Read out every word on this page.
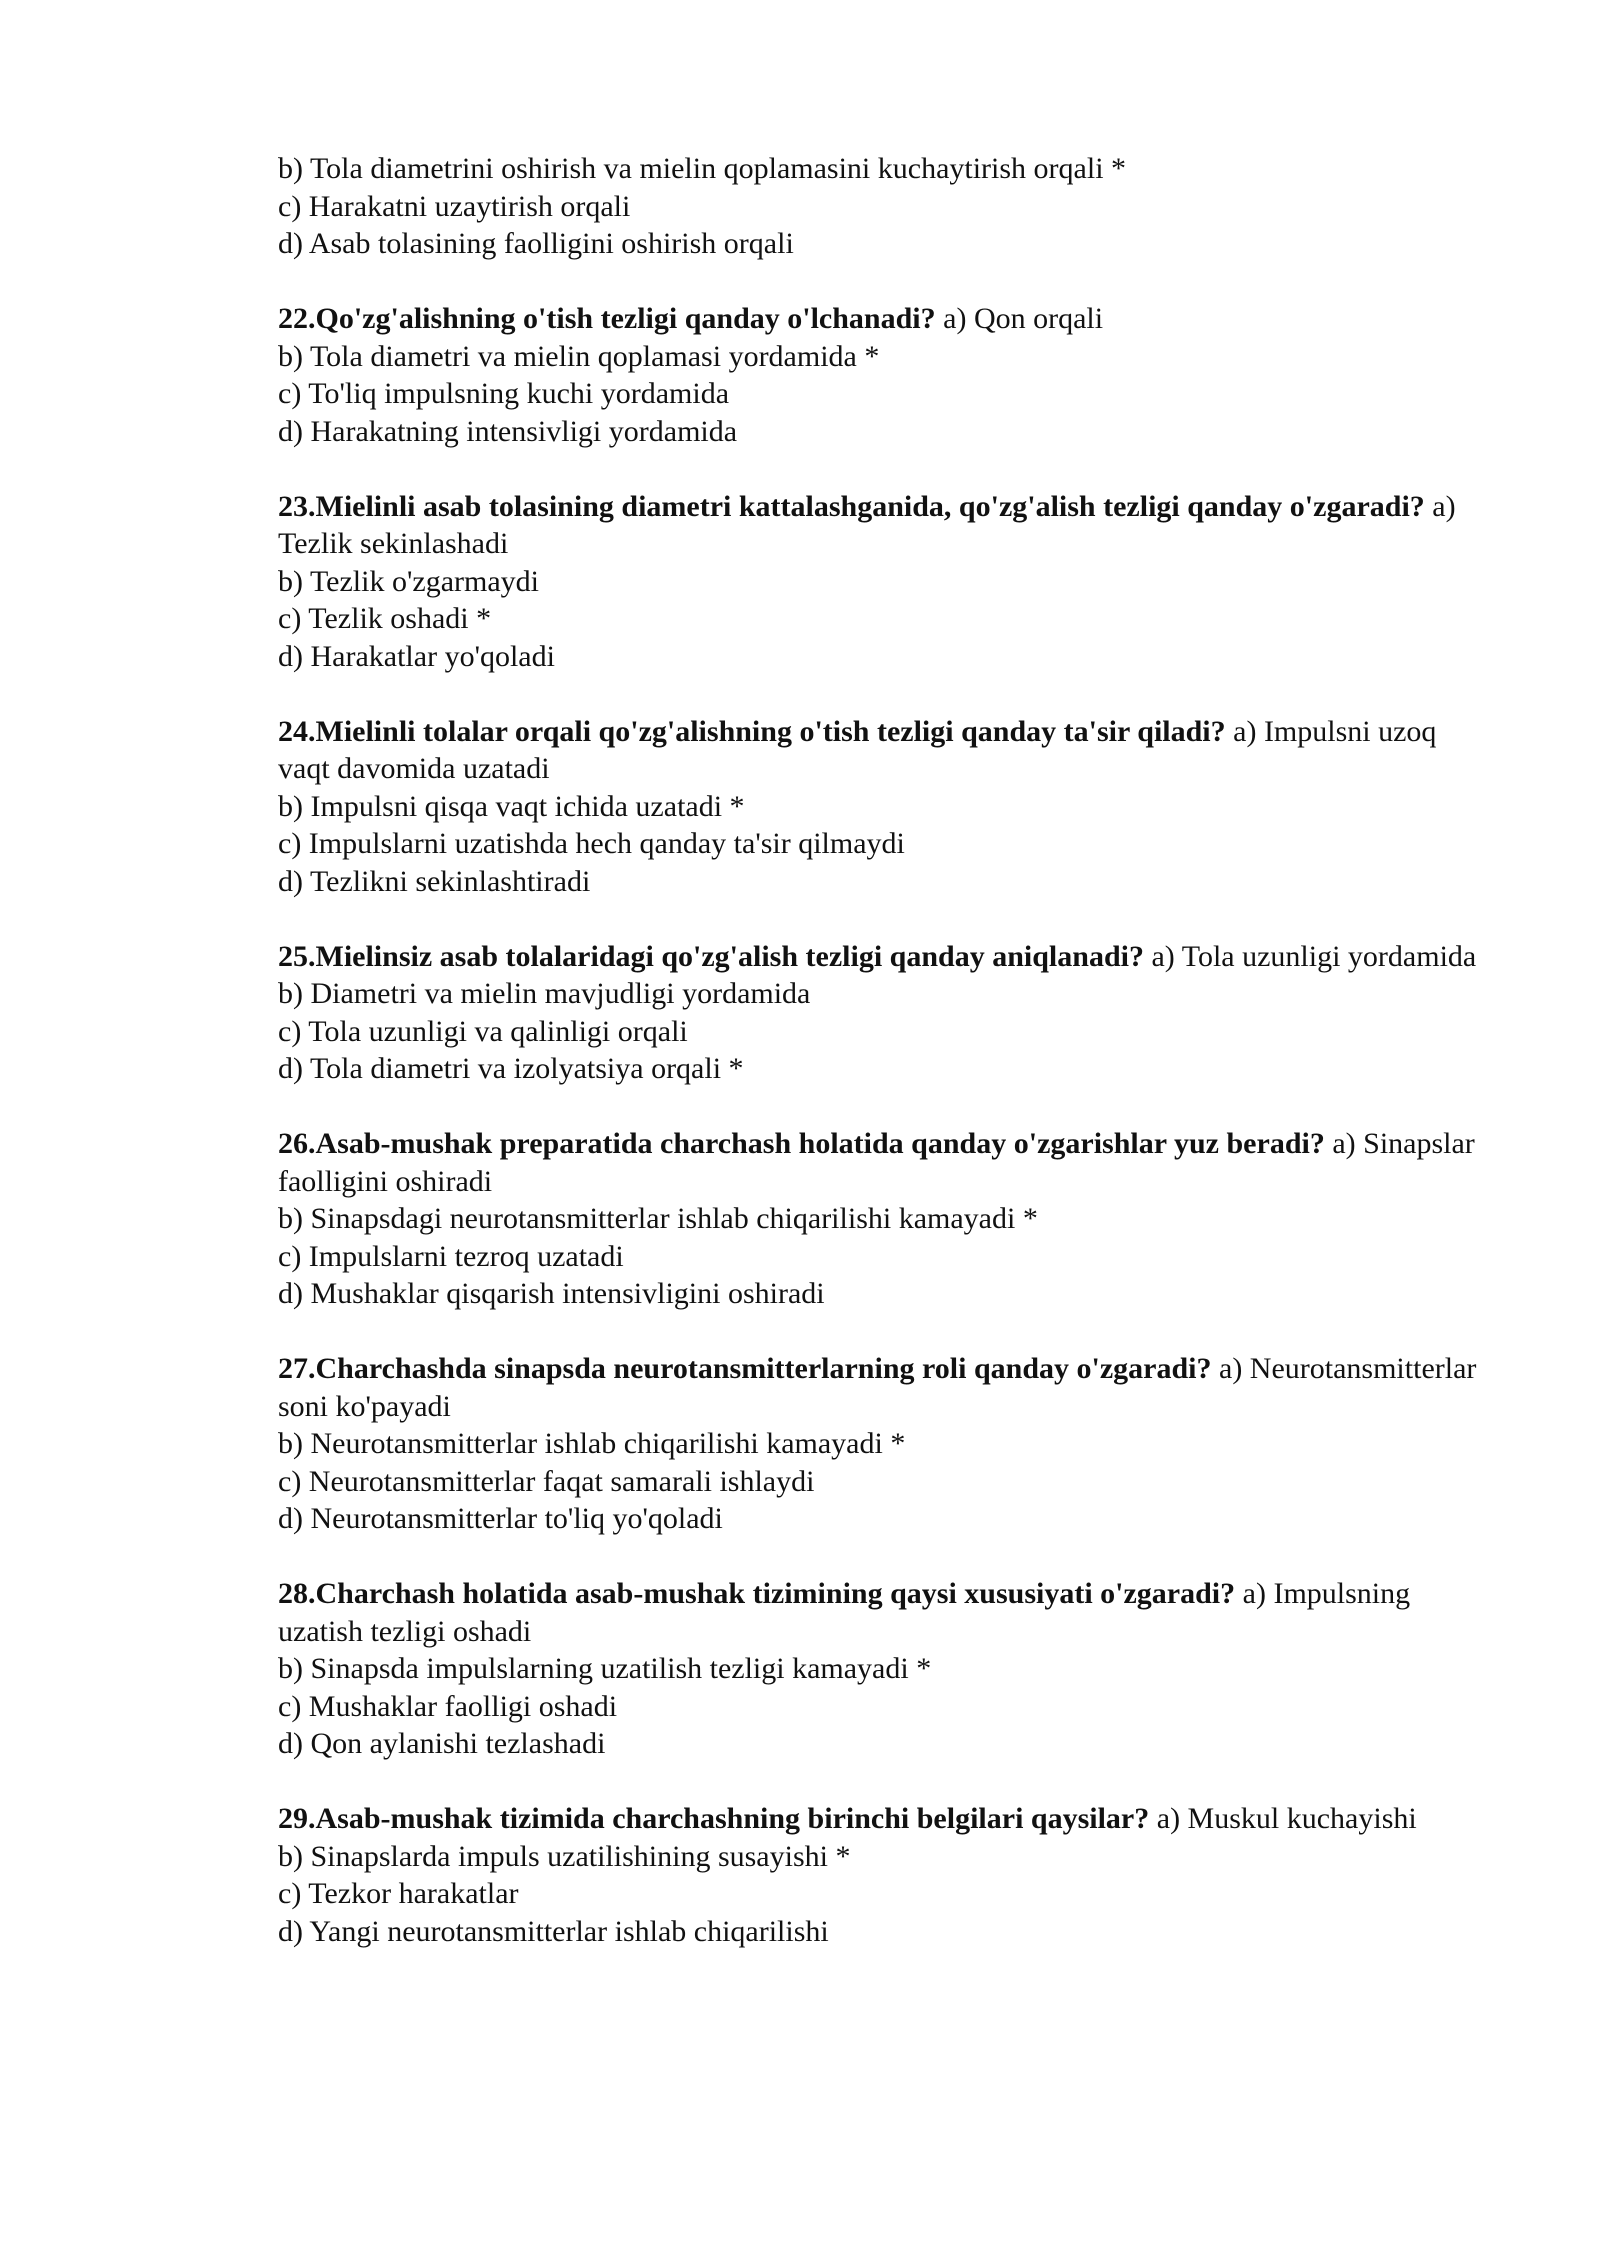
b) Tola diametrini oshirish va mielin qoplamasini kuchaytirish orqali *
c) Harakatni uzaytirish orqali
d) Asab tolasining faolligini oshirish orqali
22.Qo'zg'alishning o'tish tezligi qanday o'lchanadi? a) Qon orqali
b) Tola diametri va mielin qoplamasi yordamida *
c) To'liq impulsning kuchi yordamida
d) Harakatning intensivligi yordamida
23.Mielinli asab tolasining diametri kattalashganida, qo'zg'alish tezligi qanday o'zgaradi? a) Tezlik sekinlashadi
b) Tezlik o'zgarmaydi
c) Tezlik oshadi *
d) Harakatlar yo'qoladi
24.Mielinli tolalar orqali qo'zg'alishning o'tish tezligi qanday ta'sir qiladi? a) Impulsni uzoq vaqt davomida uzatadi
b) Impulsni qisqa vaqt ichida uzatadi *
c) Impulslarni uzatishda hech qanday ta'sir qilmaydi
d) Tezlikni sekinlashtiradi
25.Mielinsiz asab tolalaridagi qo'zg'alish tezligi qanday aniqlanadi? a) Tola uzunligi yordamida
b) Diametri va mielin mavjudligi yordamida
c) Tola uzunligi va qalinligi orqali
d) Tola diametri va izolyatsiya orqali *
26.Asab-mushak preparatida charchash holatida qanday o'zgarishlar yuz beradi? a) Sinapslar faolligini oshiradi
b) Sinapsdagi neurotansmitterlar ishlab chiqarilishi kamayadi *
c) Impulslarni tezroq uzatadi
d) Mushaklar qisqarish intensivligini oshiradi
27.Charchashda sinapsda neurotansmitterlarning roli qanday o'zgaradi? a) Neurotansmitterlar soni ko'payadi
b) Neurotansmitterlar ishlab chiqarilishi kamayadi *
c) Neurotansmitterlar faqat samarali ishlaydi
d) Neurotansmitterlar to'liq yo'qoladi
28.Charchash holatida asab-mushak tizimining qaysi xususiyati o'zgaradi? a) Impulsning uzatish tezligi oshadi
b) Sinapsda impulslarning uzatilish tezligi kamayadi *
c) Mushaklar faolligi oshadi
d) Qon aylanishi tezlashadi
29.Asab-mushak tizimida charchashning birinchi belgilari qaysilar? a) Muskul kuchayishi
b) Sinapslarda impuls uzatilishining susayishi *
c) Tezkor harakatlar
d) Yangi neurotansmitterlar ishlab chiqarilishi
